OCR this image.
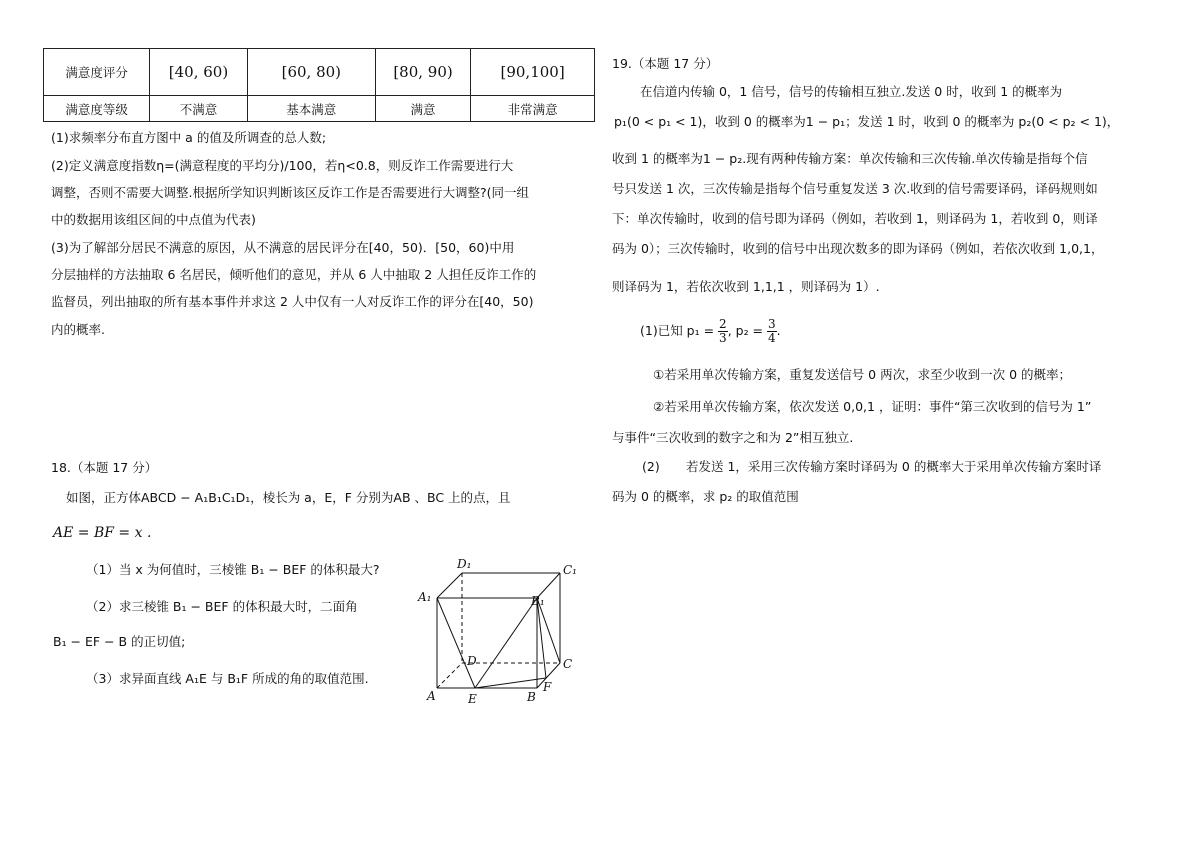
满意度评分	[40, 60)	[60, 80)	[80, 90)	[90,100]
满意度等级	不满意	基本满意	满意	非常满意
(1)求频率分布直方图中 a 的值及所调查的总人数;
(2)定义满意度指数η=(满意程度的平均分)/100，若η<0.8，则反诈工作需要进行大
调整，否则不需要大调整.根据所学知识判断该区反诈工作是否需要进行大调整?(同一组
中的数据用该组区间的中点值为代表)
(3)为了解部分居民不满意的原因，从不满意的居民评分在[40，50)．[50，60)中用
分层抽样的方法抽取 6 名居民，倾听他们的意见，并从 6 人中抽取 2 人担任反诈工作的
监督员，列出抽取的所有基本事件并求这 2 人中仅有一人对反诈工作的评分在[40，50)
内的概率.
18.（本题 17 分）
如图，正方体ABCD − A₁B₁C₁D₁，棱长为 a，E，F 分别为AB 、BC 上的点，且
AE = BF = x .
（1）当 x 为何值时，三棱锥 B₁ − BEF 的体积最大?
（2）求三棱锥 B₁ − BEF 的体积最大时，二面角
B₁ − EF − B 的正切值;
（3）求异面直线 A₁E 与 B₁F 所成的角的取值范围.
D₁	C₁
A₁	B₁
D	C
A	E	B
F
19.（本题 17 分）
在信道内传输 0，1 信号，信号的传输相互独立.发送 0 时，收到 1 的概率为
p₁(0 < p₁ < 1)，收到 0 的概率为1 − p₁；发送 1 时，收到 0 的概率为 p₂(0 < p₂ < 1)，
收到 1 的概率为1 − p₂.现有两种传输方案：单次传输和三次传输.单次传输是指每个信
号只发送 1 次，三次传输是指每个信号重复发送 3 次.收到的信号需要译码，译码规则如
下：单次传输时，收到的信号即为译码（例如，若收到 1，则译码为 1，若收到 0，则译
码为 0）；三次传输时，收到的信号中出现次数多的即为译码（例如，若依次收到 1,0,1，
则译码为 1，若依次收到 1,1,1 ，则译码为 1）.
(1)已知 $p_1 = \frac{2}{3}$ , $p_2 = \frac{3}{4}$ .
①若采用单次传输方案，重复发送信号 0 两次，求至少收到一次 0 的概率；
②若采用单次传输方案，依次发送 0,0,1 ，证明：事件“第三次收到的信号为 1”
与事件“三次收到的数字之和为 2”相互独立.
(2) 若发送 1，采用三次传输方案时译码为 0 的概率大于采用单次传输方案时译
码为 0 的概率，求 p₂ 的取值范围
